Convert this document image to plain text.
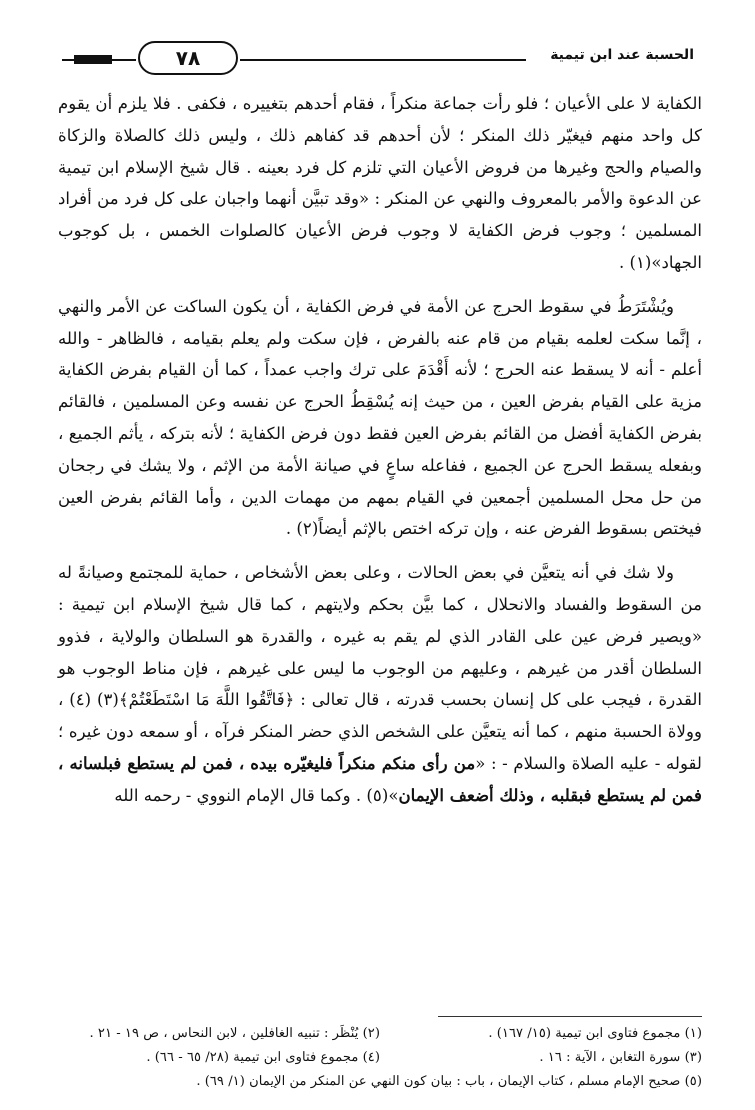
٧٨	الحسبة عند ابن تيمية

الكفاية لا على الأعيان ؛ فلو رأت جماعة منكراً ، فقام أحدهم بتغييره ، فكفى . فلا يلزم أن يقوم كل واحد منهم فيغيّر ذلك المنكر ؛ لأن أحدهم قد كفاهم ذلك ، وليس ذلك كالصلاة والزكاة والصيام والحج وغيرها من فروض الأعيان التي تلزم كل فرد بعينه . قال شيخ الإسلام ابن تيمية عن الدعوة والأمر بالمعروف والنهي عن المنكر : «وقد تبيَّن أنهما واجبان على كل فرد من أفراد المسلمين ؛ وجوب فرض الكفاية لا وجوب فرض الأعيان كالصلوات الخمس ، بل كوجوب الجهاد»(١) .

ويُشْتَرَطُ في سقوط الحرج عن الأمة في فرض الكفاية ، أن يكون الساكت عن الأمر والنهي ، إنَّما سكت لعلمه بقيام من قام عنه بالفرض ، فإن سكت ولم يعلم بقيامه ، فالظاهر - والله أعلم - أنه لا يسقط عنه الحرج ؛ لأنه أَقْدَمَ على ترك واجب عمداً ، كما أن القيام بفرض الكفاية مزية على القيام بفرض العين ، من حيث إنه يُسْقِطُ الحرج عن نفسه وعن المسلمين ، فالقائم بفرض الكفاية أفضل من القائم بفرض العين فقط دون فرض الكفاية ؛ لأنه بتركه ، يأثم الجميع ، وبفعله يسقط الحرج عن الجميع ، ففاعله ساعٍ في صيانة الأمة من الإثم ، ولا يشك في رجحان من حل محل المسلمين أجمعين في القيام بمهم من مهمات الدين ، وأما القائم بفرض العين فيختص بسقوط الفرض عنه ، وإن تركه اختص بالإثم أيضاً(٢) .

ولا شك في أنه يتعيَّن في بعض الحالات ، وعلى بعض الأشخاص ، حماية للمجتمع وصيانةً له من السقوط والفساد والانحلال ، كما بيَّن بحكم ولايتهم ، كما قال شيخ الإسلام ابن تيمية : «ويصير فرض عين على القادر الذي لم يقم به غيره ، والقدرة هو السلطان والولاية ، فذوو السلطان أقدر من غيرهم ، وعليهم من الوجوب ما ليس على غيرهم ، فإن مناط الوجوب هو القدرة ، فيجب على كل إنسان بحسب قدرته ، قال تعالى : ﴿فَاتَّقُوا اللَّهَ مَا اسْتَطَعْتُمْ﴾(٣) (٤) ، وولاة الحسبة منهم ، كما أنه يتعيَّن على الشخص الذي حضر المنكر فرآه ، أو سمعه دون غيره ؛ لقوله - عليه الصلاة والسلام - : «من رأى منكم منكراً فليغيّره بيده ، فمن لم يستطع فبلسانه ، فمن لم يستطع فبقلبه ، وذلك أضعف الإيمان»(٥) . وكما قال الإمام النووي - رحمه الله

(١) مجموع فتاوى ابن تيمية (١٥/ ١٦٧) .
(٢) يُنْظَر : تنبيه الغافلين ، لابن النحاس ، ص ١٩ - ٢١ .
(٣) سورة التغابن ، الآية : ١٦ .
(٤) مجموع فتاوى ابن تيمية (٢٨/ ٦٥ - ٦٦) .
(٥) صحيح الإمام مسلم ، كتاب الإيمان ، باب : بيان كون النهي عن المنكر من الإيمان (١/ ٦٩) .
